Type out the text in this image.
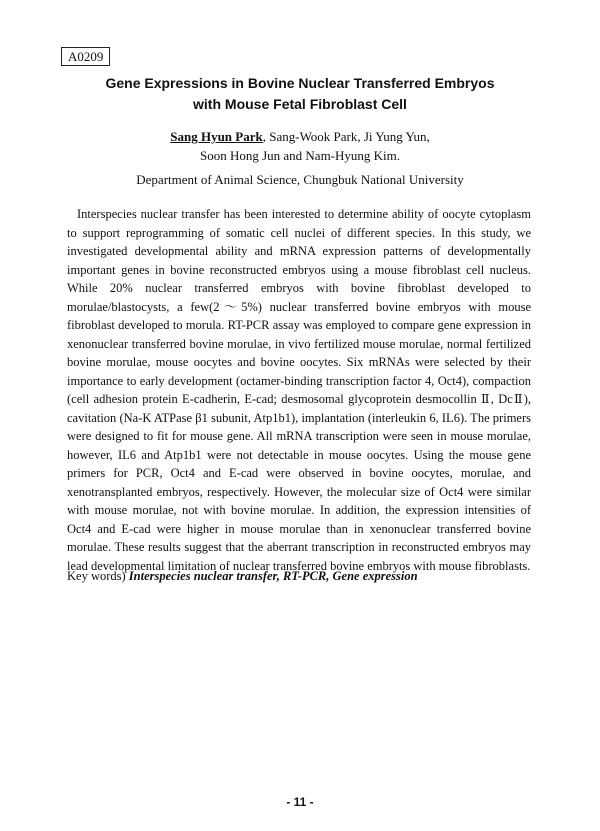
A0209
Gene Expressions in Bovine Nuclear Transferred Embryos
with Mouse Fetal Fibroblast Cell
Sang Hyun Park, Sang-Wook Park, Ji Yung Yun,
Soon Hong Jun and Nam-Hyung Kim.
Department of Animal Science, Chungbuk National University

Interspecies nuclear transfer has been interested to determine ability of oocyte cytoplasm to support reprogramming of somatic cell nuclei of different species. In this study, we investigated developmental ability and mRNA expression patterns of developmentally important genes in bovine reconstructed embryos using a mouse fibroblast cell nucleus. While 20% nuclear transferred embryos with bovine fibroblast developed to morulae/blastocysts, a few(2～5%) nuclear transferred bovine embryos with mouse fibroblast developed to morula. RT-PCR assay was employed to compare gene expression in xenonuclear transferred bovine morulae, in vivo fertilized mouse morulae, normal fertilized bovine morulae, mouse oocytes and bovine oocytes. Six mRNAs were selected by their importance to early development (octamer-binding transcription factor 4, Oct4), compaction (cell adhesion protein E-cadherin, E-cad; desmosomal glycoprotein desmocollin Ⅱ, DcⅡ), cavitation (Na-K ATPase β1 subunit, Atp1b1), implantation (interleukin 6, IL6). The primers were designed to fit for mouse gene. All mRNA transcription were seen in mouse morulae, however, IL6 and Atp1b1 were not detectable in mouse oocytes. Using the mouse gene primers for PCR, Oct4 and E-cad were observed in bovine oocytes, morulae, and xenotransplanted embryos, respectively. However, the molecular size of Oct4 were similar with mouse morulae, not with bovine morulae. In addition, the expression intensities of Oct4 and E-cad were higher in mouse morulae than in xenonuclear transferred bovine morulae. These results suggest that the aberrant transcription in reconstructed embryos may lead developmental limitation of nuclear transferred bovine embryos with mouse fibroblasts.

Key words) Interspecies nuclear transfer, RT-PCR, Gene expression
- 11 -
